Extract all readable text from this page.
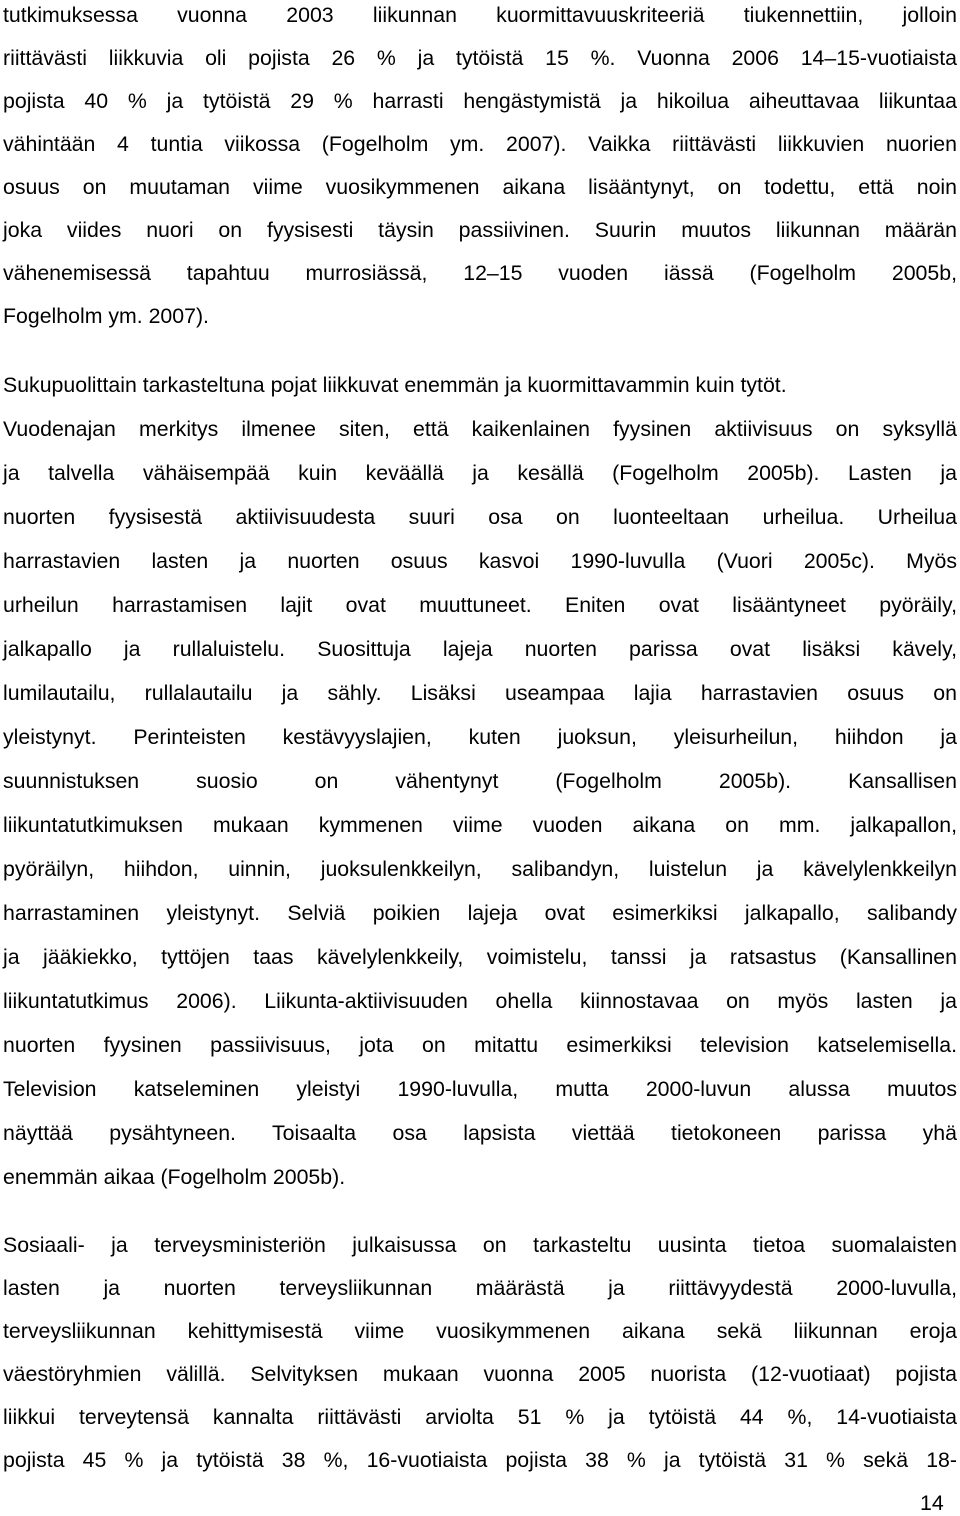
tutkimuksessa vuonna 2003 liikunnan kuormittavuuskriteeriä tiukennettiin, jolloin
riittävästi liikkuvia oli pojista 26 % ja tytöistä 15 %. Vuonna 2006 14–15-vuotiaista
pojista 40 % ja tytöistä 29 % harrasti hengästymistä ja hikoilua aiheuttavaa liikuntaa
vähintään 4 tuntia viikossa (Fogelholm ym. 2007). Vaikka riittävästi liikkuvien nuorien
osuus on muutaman viime vuosikymmenen aikana lisääntynyt, on todettu, että noin
joka viides nuori on fyysisesti täysin passiivinen. Suurin muutos liikunnan määrän
vähenemisessä tapahtuu murrosiässä, 12–15 vuoden iässä (Fogelholm 2005b,
Fogelholm ym. 2007).
Sukupuolittain tarkasteltuna pojat liikkuvat enemmän ja kuormittavammin kuin tytöt.
Vuodenajan merkitys ilmenee siten, että kaikenlainen fyysinen aktiivisuus on syksyllä
ja talvella vähäisempää kuin keväällä ja kesällä (Fogelholm 2005b). Lasten ja
nuorten fyysisestä aktiivisuudesta suuri osa on luonteeltaan urheilua. Urheilua
harrastavien lasten ja nuorten osuus kasvoi 1990-luvulla (Vuori 2005c). Myös
urheilun harrastamisen lajit ovat muuttuneet. Eniten ovat lisääntyneet pyöräily,
jalkapallo ja rullaluistelu. Suosittuja lajeja nuorten parissa ovat lisäksi kävely,
lumilautailu, rullalautailu ja sähly. Lisäksi useampaa lajia harrastavien osuus on
yleistynyt. Perinteisten kestävyyslajien, kuten juoksun, yleisurheilun, hiihdon ja
suunnistuksen suosio on vähentynyt (Fogelholm 2005b). Kansallisen
liikuntatutkimuksen mukaan kymmenen viime vuoden aikana on mm. jalkapallon,
pyöräilyn, hiihdon, uinnin, juoksulenkkeilyn, salibandyn, luistelun ja kävelylenkkeilyn
harrastaminen yleistynyt. Selviä poikien lajeja ovat esimerkiksi jalkapallo, salibandy
ja jääkiekko, tyttöjen taas kävelylenkkeily, voimistelu, tanssi ja ratsastus (Kansallinen
liikuntatutkimus 2006). Liikunta-aktiivisuuden ohella kiinnostavaa on myös lasten ja
nuorten fyysinen passiivisuus, jota on mitattu esimerkiksi television katselemisella.
Television katseleminen yleistyi 1990-luvulla, mutta 2000-luvun alussa muutos
näyttää pysähtyneen. Toisaalta osa lapsista viettää tietokoneen parissa yhä
enemmän aikaa (Fogelholm 2005b).
Sosiaali- ja terveysministeriön julkaisussa on tarkasteltu uusinta tietoa suomalaisten
lasten ja nuorten terveysliikunnan määrästä ja riittävyydestä 2000-luvulla,
terveysliikunnan kehittymisestä viime vuosikymmenen aikana sekä liikunnan eroja
väestöryhmien välillä. Selvityksen mukaan vuonna 2005 nuorista (12-vuotiaat) pojista
liikkui terveytensä kannalta riittävästi arviolta 51 % ja tytöistä 44 %, 14-vuotiaista
pojista 45 % ja tytöistä 38 %, 16-vuotiaista pojista 38 % ja tytöistä 31 % sekä 18-
14
